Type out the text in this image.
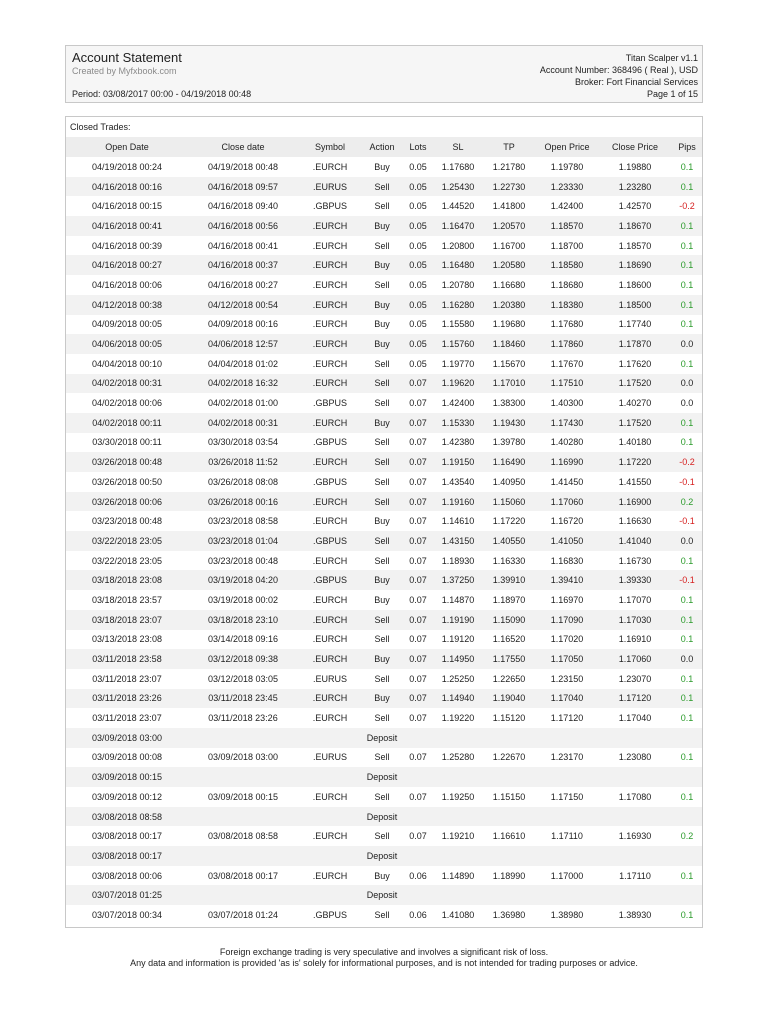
Account Statement
Created by Myfxbook.com
Period: 03/08/2017 00:00 - 04/19/2018 00:48
Titan Scalper v1.1
Account Number: 368496 ( Real ), USD
Broker: Fort Financial Services
Page 1 of 15
Closed Trades:
Open Date	Close date	Symbol	Action	Lots	SL	TP	Open Price	Close Price	Pips
04/19/2018 00:24	04/19/2018 00:48	.EURCH	Buy	0.05	1.17680	1.21780	1.19780	1.19880	0.1
04/16/2018 00:16	04/16/2018 09:57	.EURUS	Sell	0.05	1.25430	1.22730	1.23330	1.23280	0.1
04/16/2018 00:15	04/16/2018 09:40	.GBPUS	Sell	0.05	1.44520	1.41800	1.42400	1.42570	-0.2
04/16/2018 00:41	04/16/2018 00:56	.EURCH	Buy	0.05	1.16470	1.20570	1.18570	1.18670	0.1
04/16/2018 00:39	04/16/2018 00:41	.EURCH	Sell	0.05	1.20800	1.16700	1.18700	1.18570	0.1
04/16/2018 00:27	04/16/2018 00:37	.EURCH	Buy	0.05	1.16480	1.20580	1.18580	1.18690	0.1
04/16/2018 00:06	04/16/2018 00:27	.EURCH	Sell	0.05	1.20780	1.16680	1.18680	1.18600	0.1
04/12/2018 00:38	04/12/2018 00:54	.EURCH	Buy	0.05	1.16280	1.20380	1.18380	1.18500	0.1
04/09/2018 00:05	04/09/2018 00:16	.EURCH	Buy	0.05	1.15580	1.19680	1.17680	1.17740	0.1
04/06/2018 00:05	04/06/2018 12:57	.EURCH	Buy	0.05	1.15760	1.18460	1.17860	1.17870	0.0
04/04/2018 00:10	04/04/2018 01:02	.EURCH	Sell	0.05	1.19770	1.15670	1.17670	1.17620	0.1
04/02/2018 00:31	04/02/2018 16:32	.EURCH	Sell	0.07	1.19620	1.17010	1.17510	1.17520	0.0
04/02/2018 00:06	04/02/2018 01:00	.GBPUS	Sell	0.07	1.42400	1.38300	1.40300	1.40270	0.0
04/02/2018 00:11	04/02/2018 00:31	.EURCH	Buy	0.07	1.15330	1.19430	1.17430	1.17520	0.1
03/30/2018 00:11	03/30/2018 03:54	.GBPUS	Sell	0.07	1.42380	1.39780	1.40280	1.40180	0.1
03/26/2018 00:48	03/26/2018 11:52	.EURCH	Sell	0.07	1.19150	1.16490	1.16990	1.17220	-0.2
03/26/2018 00:50	03/26/2018 08:08	.GBPUS	Sell	0.07	1.43540	1.40950	1.41450	1.41550	-0.1
03/26/2018 00:06	03/26/2018 00:16	.EURCH	Sell	0.07	1.19160	1.15060	1.17060	1.16900	0.2
03/23/2018 00:48	03/23/2018 08:58	.EURCH	Buy	0.07	1.14610	1.17220	1.16720	1.16630	-0.1
03/22/2018 23:05	03/23/2018 01:04	.GBPUS	Sell	0.07	1.43150	1.40550	1.41050	1.41040	0.0
03/22/2018 23:05	03/23/2018 00:48	.EURCH	Sell	0.07	1.18930	1.16330	1.16830	1.16730	0.1
03/18/2018 23:08	03/19/2018 04:20	.GBPUS	Buy	0.07	1.37250	1.39910	1.39410	1.39330	-0.1
03/18/2018 23:57	03/19/2018 00:02	.EURCH	Buy	0.07	1.14870	1.18970	1.16970	1.17070	0.1
03/18/2018 23:07	03/18/2018 23:10	.EURCH	Sell	0.07	1.19190	1.15090	1.17090	1.17030	0.1
03/13/2018 23:08	03/14/2018 09:16	.EURCH	Sell	0.07	1.19120	1.16520	1.17020	1.16910	0.1
03/11/2018 23:58	03/12/2018 09:38	.EURCH	Buy	0.07	1.14950	1.17550	1.17050	1.17060	0.0
03/11/2018 23:07	03/12/2018 03:05	.EURUS	Sell	0.07	1.25250	1.22650	1.23150	1.23070	0.1
03/11/2018 23:26	03/11/2018 23:45	.EURCH	Buy	0.07	1.14940	1.19040	1.17040	1.17120	0.1
03/11/2018 23:07	03/11/2018 23:26	.EURCH	Sell	0.07	1.19220	1.15120	1.17120	1.17040	0.1
03/09/2018 03:00			Deposit						
03/09/2018 00:08	03/09/2018 03:00	.EURUS	Sell	0.07	1.25280	1.22670	1.23170	1.23080	0.1
03/09/2018 00:15			Deposit						
03/09/2018 00:12	03/09/2018 00:15	.EURCH	Sell	0.07	1.19250	1.15150	1.17150	1.17080	0.1
03/08/2018 08:58			Deposit						
03/08/2018 00:17	03/08/2018 08:58	.EURCH	Sell	0.07	1.19210	1.16610	1.17110	1.16930	0.2
03/08/2018 00:17			Deposit						
03/08/2018 00:06	03/08/2018 00:17	.EURCH	Buy	0.06	1.14890	1.18990	1.17000	1.17110	0.1
03/07/2018 01:25			Deposit						
03/07/2018 00:34	03/07/2018 01:24	.GBPUS	Sell	0.06	1.41080	1.36980	1.38980	1.38930	0.1
Foreign exchange trading is very speculative and involves a significant risk of loss.
Any data and information is provided 'as is' solely for informational purposes, and is not intended for trading purposes or advice.
